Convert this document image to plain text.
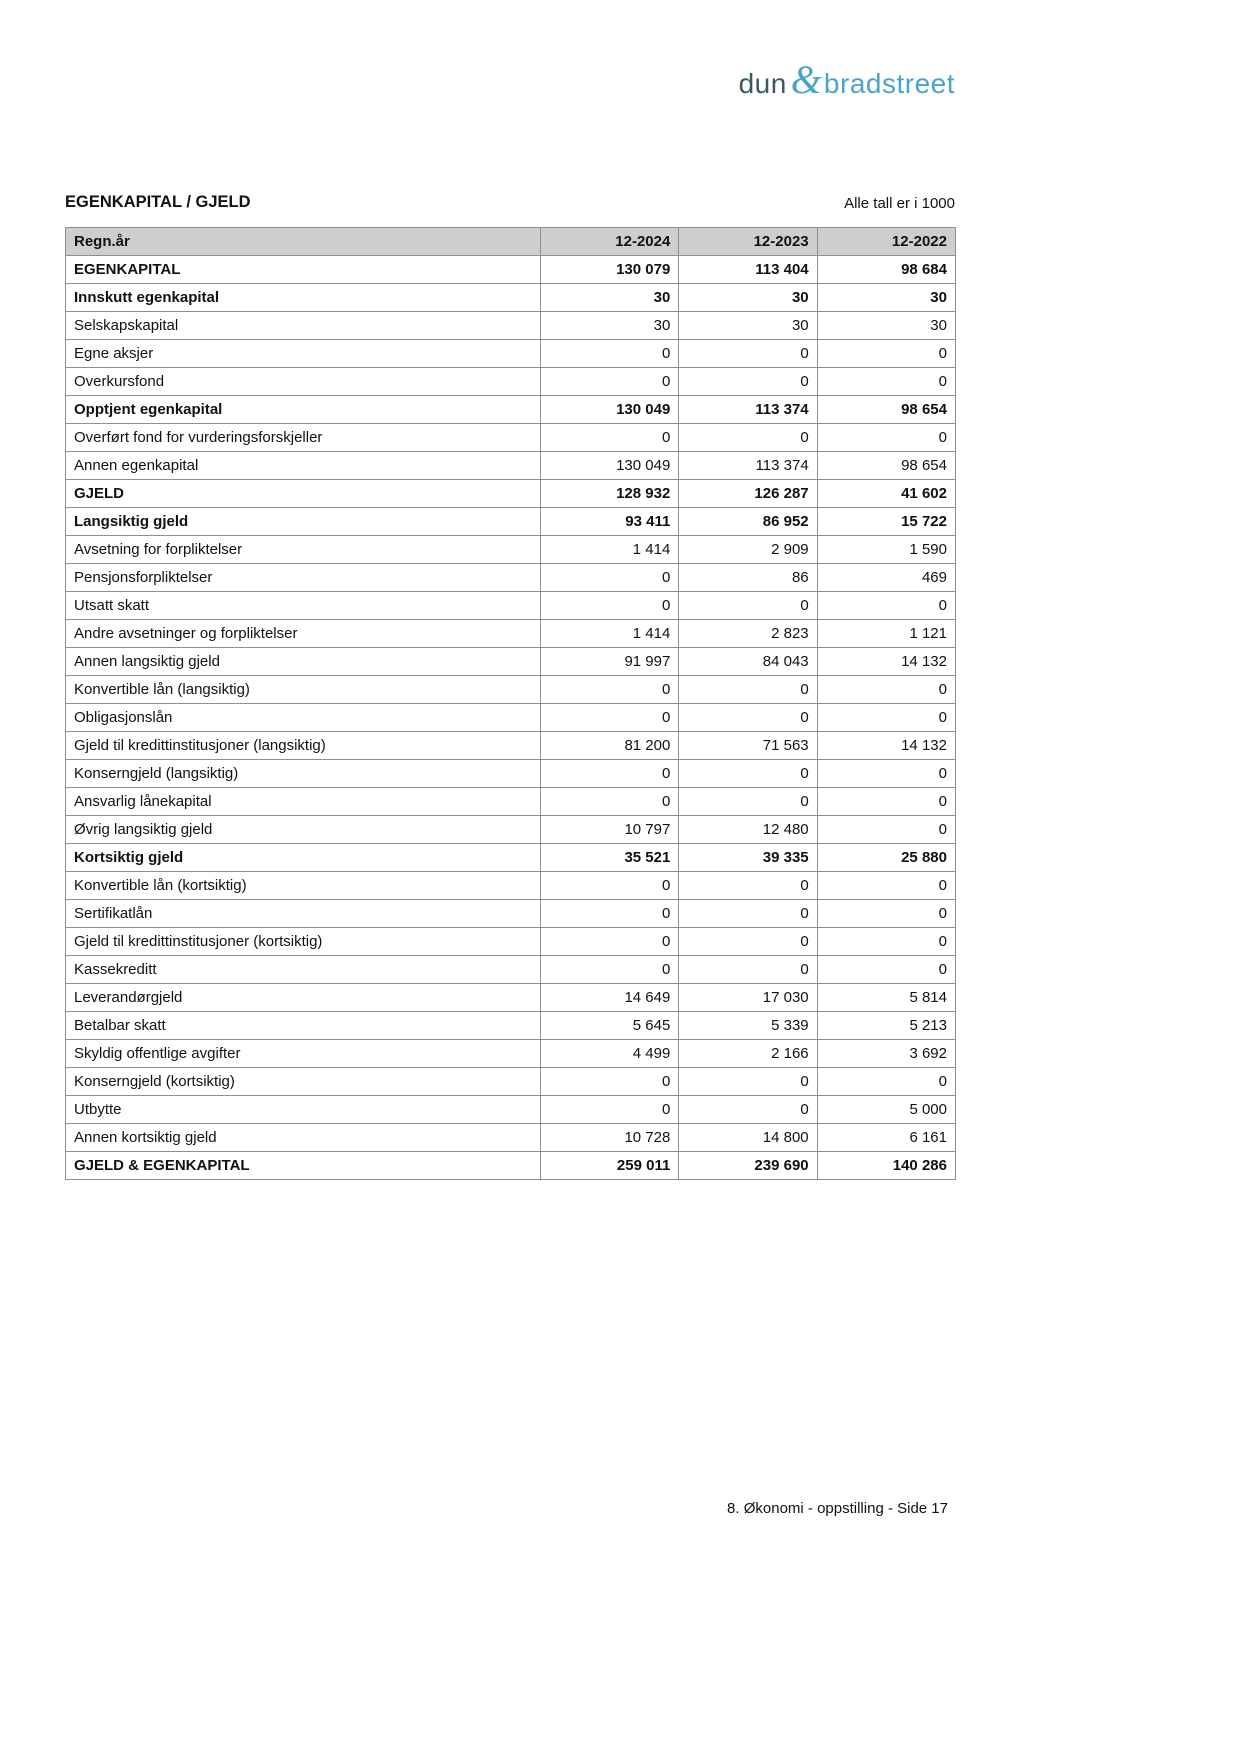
dun & bradstreet
EGENKAPITAL / GJELD	Alle tall er i 1000
Regn.år	12-2024	12-2023	12-2022
EGENKAPITAL	130 079	113 404	98 684
Innskutt egenkapital	30	30	30
Selskapskapital	30	30	30
Egne aksjer	0	0	0
Overkursfond	0	0	0
Opptjent egenkapital	130 049	113 374	98 654
Overført fond for vurderingsforskjeller	0	0	0
Annen egenkapital	130 049	113 374	98 654
GJELD	128 932	126 287	41 602
Langsiktig gjeld	93 411	86 952	15 722
Avsetning for forpliktelser	1 414	2 909	1 590
Pensjonsforpliktelser	0	86	469
Utsatt skatt	0	0	0
Andre avsetninger og forpliktelser	1 414	2 823	1 121
Annen langsiktig gjeld	91 997	84 043	14 132
Konvertible lån (langsiktig)	0	0	0
Obligasjonslån	0	0	0
Gjeld til kredittinstitusjoner (langsiktig)	81 200	71 563	14 132
Konserngjeld (langsiktig)	0	0	0
Ansvarlig lånekapital	0	0	0
Øvrig langsiktig gjeld	10 797	12 480	0
Kortsiktig gjeld	35 521	39 335	25 880
Konvertible lån (kortsiktig)	0	0	0
Sertifikatlån	0	0	0
Gjeld til kredittinstitusjoner (kortsiktig)	0	0	0
Kassekreditt	0	0	0
Leverandørgjeld	14 649	17 030	5 814
Betalbar skatt	5 645	5 339	5 213
Skyldig offentlige avgifter	4 499	2 166	3 692
Konserngjeld (kortsiktig)	0	0	0
Utbytte	0	0	5 000
Annen kortsiktig gjeld	10 728	14 800	6 161
GJELD & EGENKAPITAL	259 011	239 690	140 286
8. Økonomi - oppstilling - Side 17
